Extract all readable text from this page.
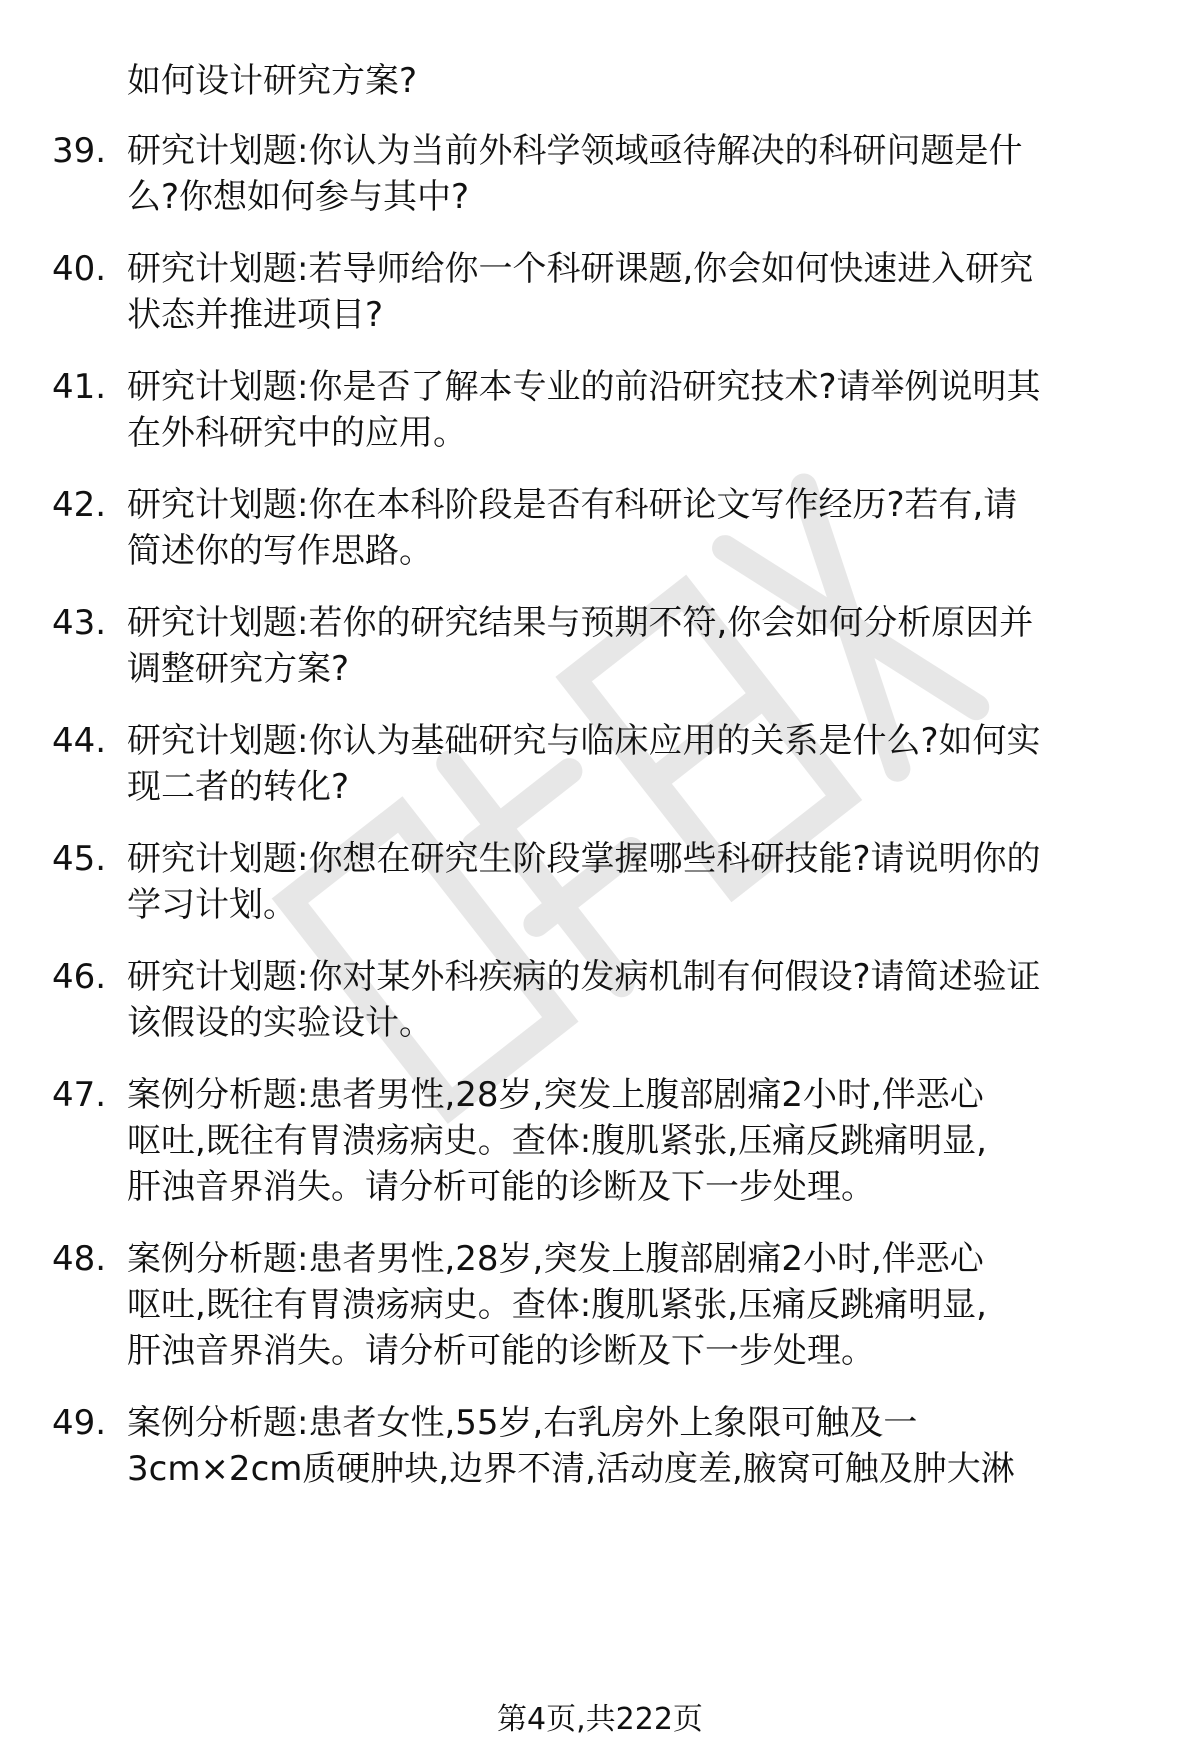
如何设计研究方案?
39. 研究计划题:你认为当前外科学领域亟待解决的科研问题是什
么?你想如何参与其中?
40. 研究计划题:若导师给你一个科研课题,你会如何快速进入研究
状态并推进项目?
41. 研究计划题:你是否了解本专业的前沿研究技术?请举例说明其
在外科研究中的应用。
42. 研究计划题:你在本科阶段是否有科研论文写作经历?若有,请
简述你的写作思路。
43. 研究计划题:若你的研究结果与预期不符,你会如何分析原因并
调整研究方案?
44. 研究计划题:你认为基础研究与临床应用的关系是什么?如何实
现二者的转化?
45. 研究计划题:你想在研究生阶段掌握哪些科研技能?请说明你的
学习计划。
46. 研究计划题:你对某外科疾病的发病机制有何假设?请简述验证
该假设的实验设计。
47. 案例分析题:患者男性,28岁,突发上腹部剧痛2小时,伴恶心
呕吐,既往有胃溃疡病史。查体:腹肌紧张,压痛反跳痛明显,
肝浊音界消失。请分析可能的诊断及下一步处理。
48. 案例分析题:患者男性,28岁,突发上腹部剧痛2小时,伴恶心
呕吐,既往有胃溃疡病史。查体:腹肌紧张,压痛反跳痛明显,
肝浊音界消失。请分析可能的诊断及下一步处理。
49. 案例分析题:患者女性,55岁,右乳房外上象限可触及一
3cm×2cm质硬肿块,边界不清,活动度差,腋窝可触及肿大淋
第4页,共222页
